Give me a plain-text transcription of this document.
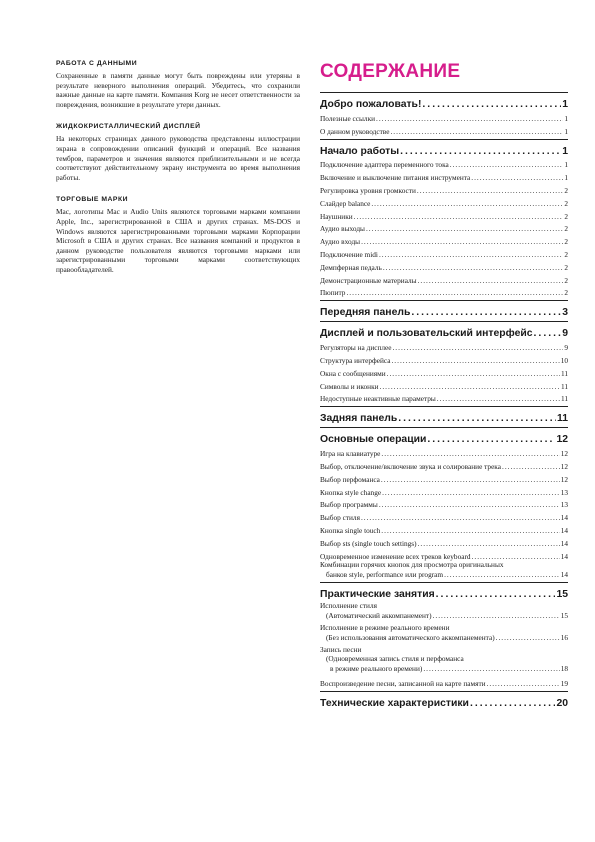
РАБОТА С ДАННЫМИ

Сохраненные в памяти данные могут быть повреждены или утеряны в результате неверного выполнения операций. Убедитесь, что сохранили важные данные на карте памяти. Компания Korg не несет ответственности за повреждения, возникшие в результате утери данных.

ЖИДКОКРИСТАЛЛИЧЕСКИЙ ДИСПЛЕЙ

На некоторых страницах данного руководства представлены иллюстрации экрана в сопровождении описаний функций и операций. Все названия тембров, параметров и значения являются приблизительными и не всегда соответствуют действительному экрану инструмента во время выполнения работы.

ТОРГОВЫЕ МАРКИ

Mac, логотипы Mac и Audio Units являются торговыми марками компании Apple, Inc., зарегистрированной в США и других странах. MS-DOS и Windows являются зарегистрированными торговыми марками Корпорации Microsoft в США и других странах. Все названия компаний и продуктов в данном руководстве пользователя являются торговыми марками или зарегистрированными торговыми марками соответствующих правообладателей.

СОДЕРЖАНИЕ
Добро пожаловать! .....	1
Полезные ссылки .....	1
О данном руководстве .....	1
Начало работы .....	1
Подключение адаптера переменного тока .....	1
Включение и выключение питания инструмента .....	1
Регулировка уровня громкости .....	2
Слайдер balance .....	2
Наушники .....	2
Аудио выходы .....	2
Аудио входы .....	2
Подключение midi .....	2
Демпферная педаль .....	2
Демонстрационные материалы .....	2
Пюпитр .....	2
Передняя панель .....	3
Дисплей и пользовательский интерфейс .....	9
Регуляторы на дисплее .....	9
Структура интерфейса .....	10
Окна с сообщениями .....	11
Символы и иконки .....	11
Недоступные неактивные параметры .....	11
Задняя панель .....	11
Основные операции .....	12
Игра на клавиатуре .....	12
Выбор, отключение/включение звука и солирование трека .....	12
Выбор перфоманса .....	12
Кнопка style change .....	13
Выбор программы .....	13
Выбор стиля .....	14
Кнопка single touch .....	14
Выбор sts (single touch settings) .....	14
Одновременное изменение всех треков keyboard .....	14
Комбинации горячих кнопок для просмотра оригинальных
банков style, performance или program .....	14
Практические занятия .....	15
Исполнение стиля
(Автоматический аккомпанемент) .....	15
Исполнение в режиме реального времени
(Без использования автоматического аккомпанемента) .....	16
Запись песни
(Одновременная запись стиля и перфоманса
в режиме реального времени) .....	18
Воспроизведение песни, записанной на карте памяти .....	19
Технические характеристики .....	20
